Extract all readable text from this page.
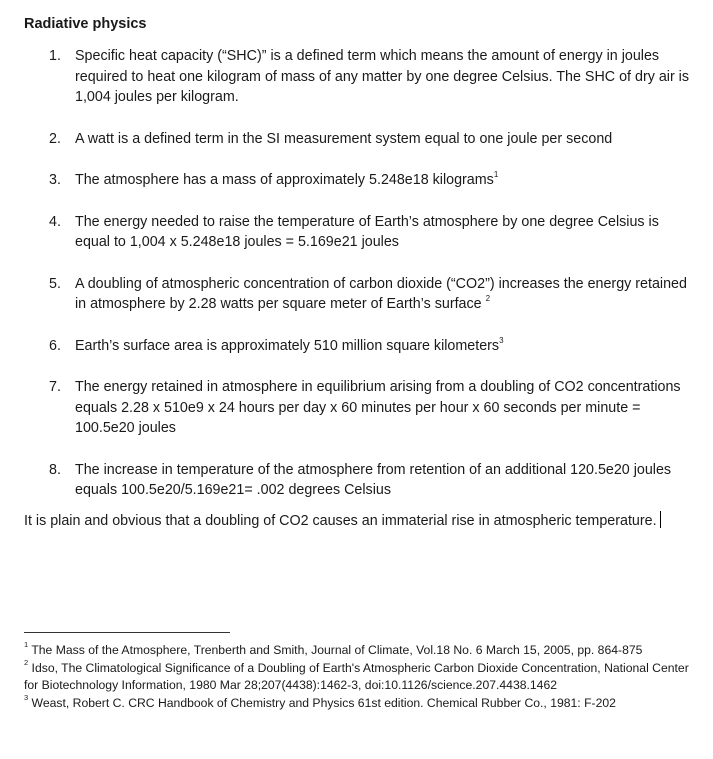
Radiative physics
1. Specific heat capacity (“SHC)” is a defined term which means the amount of energy in joules required to heat one kilogram of mass of any matter by one degree Celsius. The SHC of dry air is 1,004 joules per kilogram.
2. A watt is a defined term in the SI measurement system equal to one joule per second
3. The atmosphere has a mass of approximately 5.248e18 kilograms$^1$
4. The energy needed to raise the temperature of Earth’s atmosphere by one degree Celsius is equal to 1,004 x 5.248e18 joules = 5.169e21 joules
5. A doubling of atmospheric concentration of carbon dioxide (“CO2”) increases the energy retained in atmosphere by 2.28 watts per square meter of Earth’s surface $^2$
6. Earth’s surface area is approximately 510 million square kilometers$^3$
7. The energy retained in atmosphere in equilibrium arising from a doubling of CO2 concentrations equals 2.28 x 510e9 x 24 hours per day x 60 minutes per hour x 60 seconds per minute = 100.5e20 joules
8. The increase in temperature of the atmosphere from retention of an additional 120.5e20 joules equals 100.5e20/5.169e21= .002 degrees Celsius

It is plain and obvious that a doubling of CO2 causes an immaterial rise in atmospheric temperature.

$^1$ The Mass of the Atmosphere, Trenberth and Smith, Journal of Climate, Vol.18 No. 6 March 15, 2005, pp. 864-875

$^2$ Idso, The Climatological Significance of a Doubling of Earth's Atmospheric Carbon Dioxide Concentration, National Center for Biotechnology Information, 1980 Mar 28;207(4438):1462-3, doi:10.1126/science.207.4438.1462

$^3$ Weast, Robert C. CRC Handbook of Chemistry and Physics 61st edition. Chemical Rubber Co., 1981: F-202
